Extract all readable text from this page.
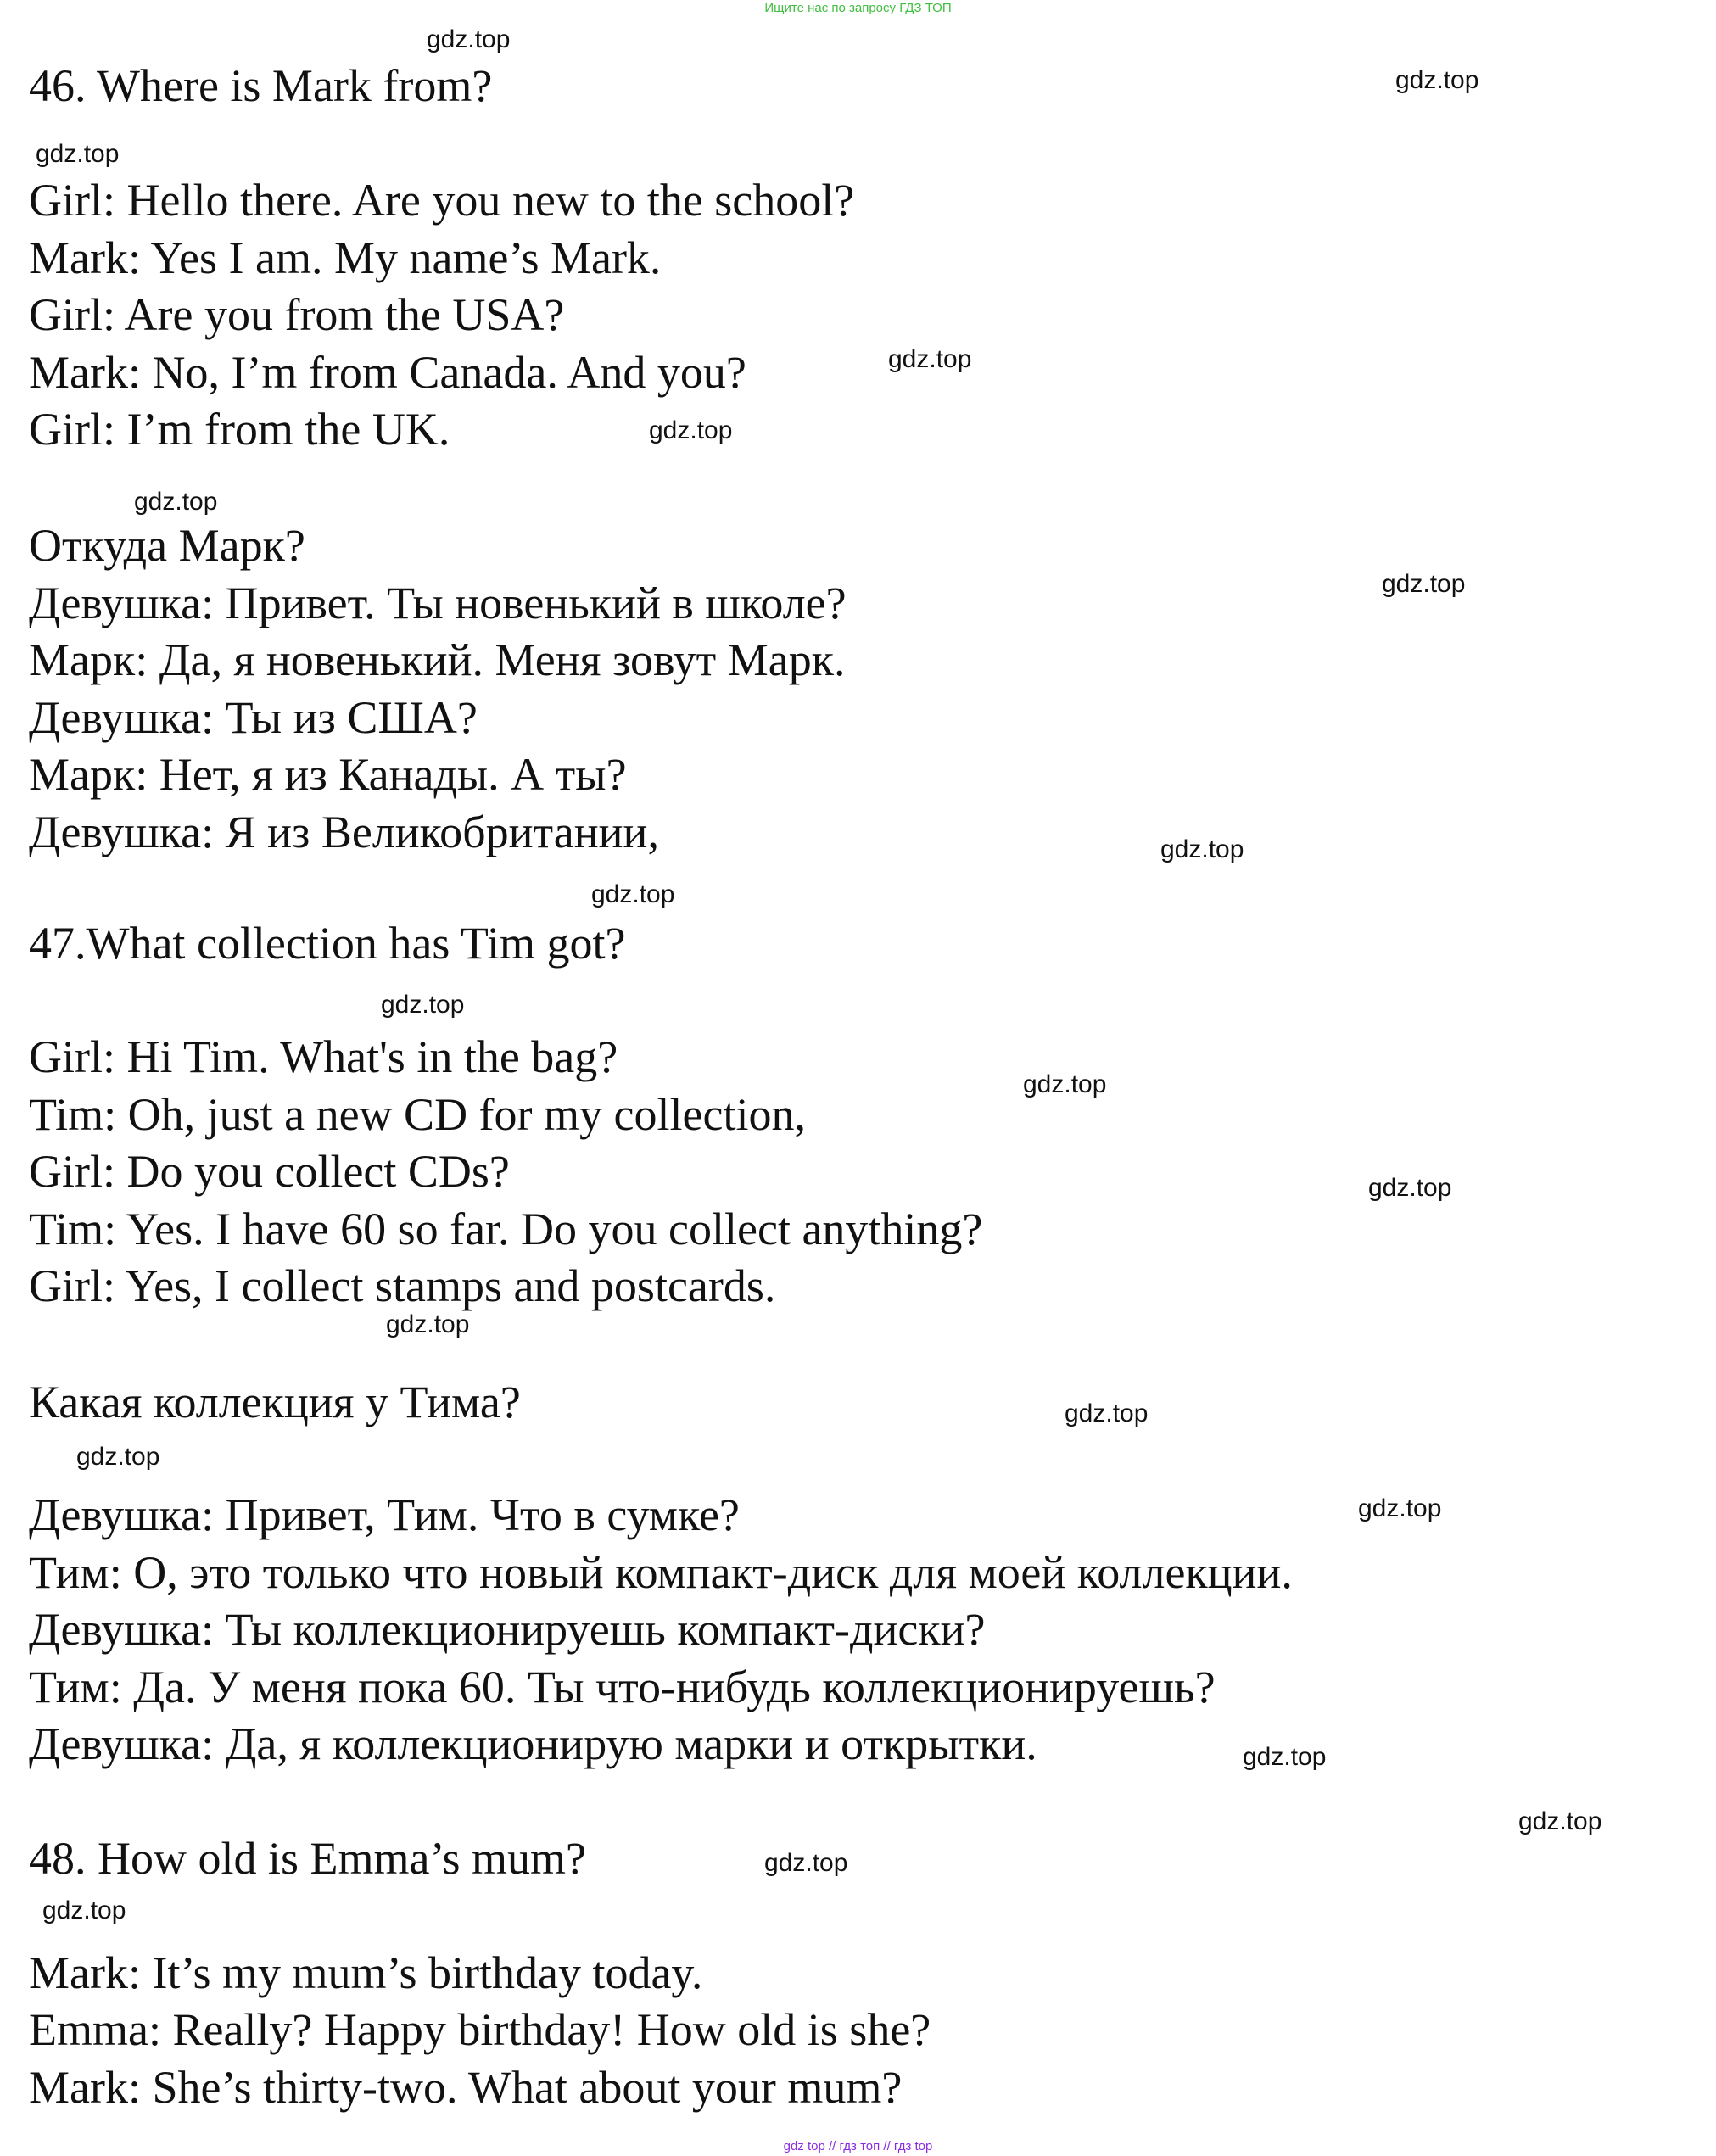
Ищите нас по запросу ГДЗ ТОП
46. Where is Mark from?

Girl: Hello there. Are you new to the school?

Mark: Yes I am. My name’s Mark.

Girl: Are you from the USA?

Mark: No, I’m from Canada. And you?

Girl: I’m from the UK.

Откуда Марк?

Девушка: Привет. Ты новенький в школе?

Марк: Да, я новенький. Меня зовут Марк.

Девушка: Ты из США?

Марк: Нет, я из Канады. А ты?

Девушка: Я из Великобритании,

47.What collection has Tim got?

Girl: Hi Tim. What's in the bag?

Tim: Oh, just a new CD for my collection,

Girl: Do you collect CDs?

Tim: Yes. I have 60 so far. Do you collect anything?

Girl: Yes, I collect stamps and postcards.

Какая коллекция у Тима?

Девушка: Привет, Тим. Что в сумке?

Тим: О, это только что новый компакт-диск для моей коллекции.

Девушка: Ты коллекционируешь компакт-диски?

Тим: Да. У меня пока 60. Ты что-нибудь коллекционируешь?

Девушка: Да, я коллекционирую марки и открытки.

48. How old is Emma’s mum?

Mark: It’s my mum’s birthday today.

Emma: Really? Happy birthday! How old is she?

Mark: She’s thirty-two. What about your mum?

gdz.top
gdz.top
gdz.top
gdz.top
gdz.top
gdz.top
gdz.top
gdz.top
gdz.top
gdz.top
gdz.top
gdz.top
gdz.top
gdz.top
gdz.top
gdz.top
gdz.top
gdz.top
gdz.top
gdz.top
gdz top // гдз топ // гдз top
